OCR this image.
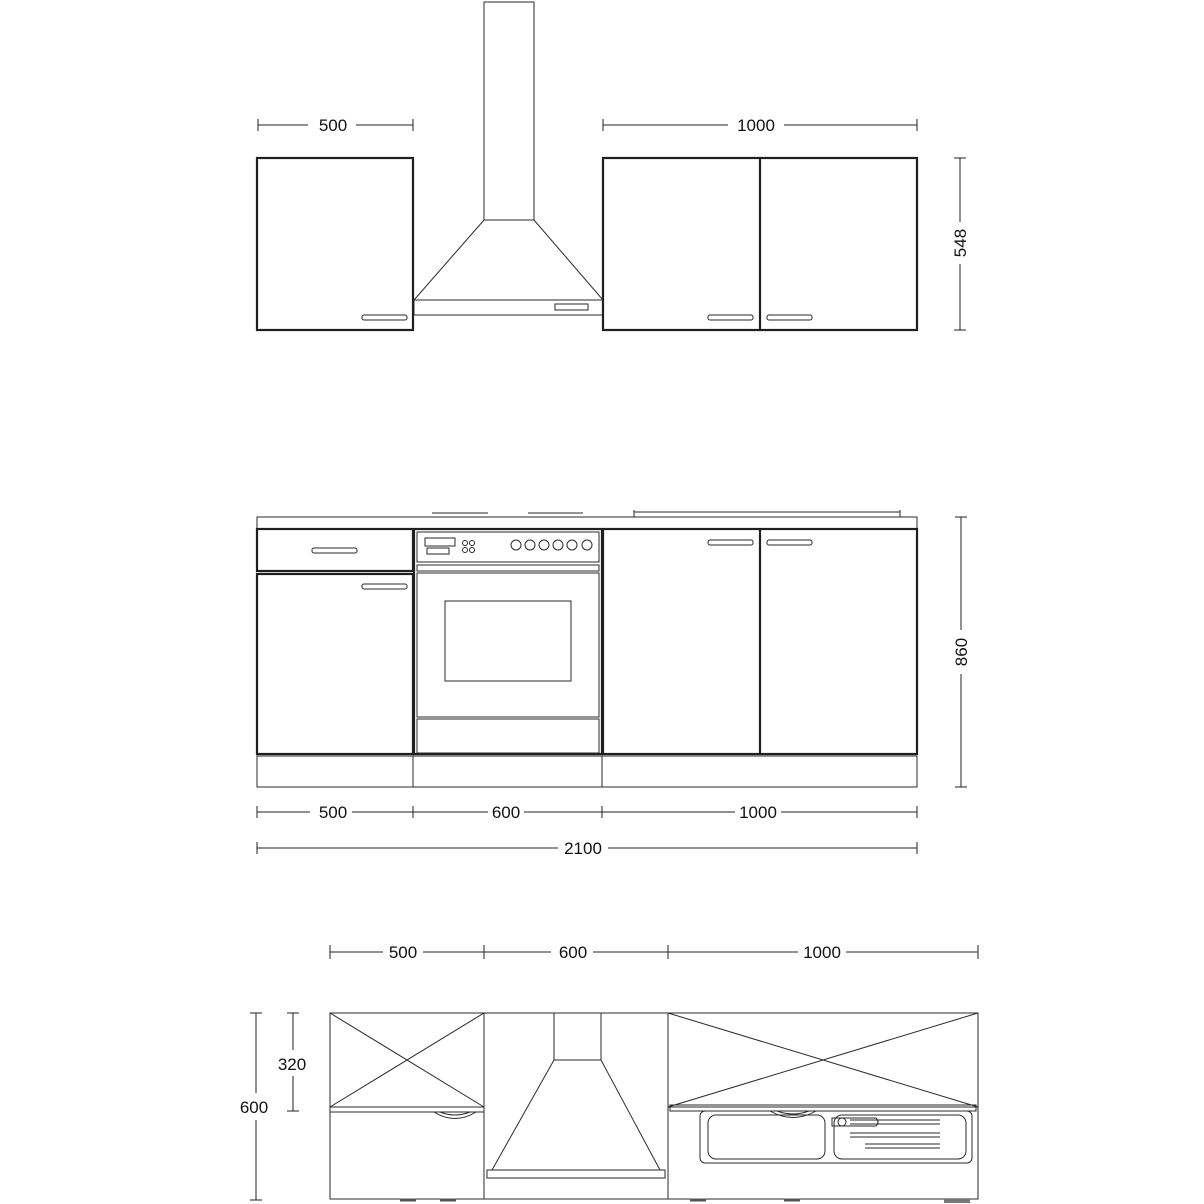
500	1000
548
860
500	600	1000
2100
500	600	1000
320
600
